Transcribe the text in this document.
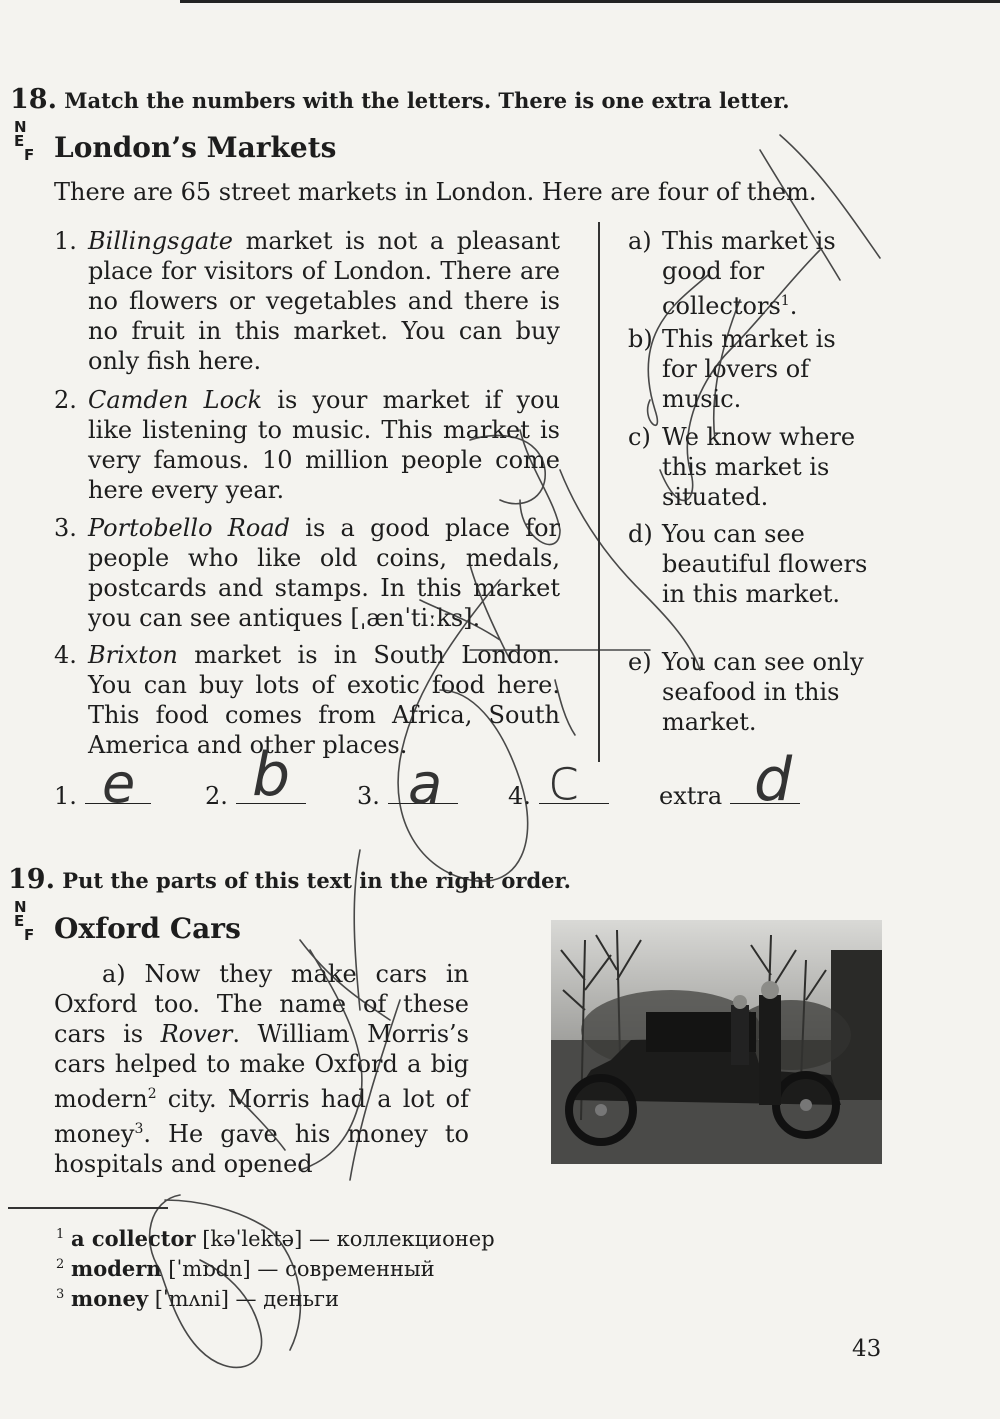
18. Match the numbers with the letters. There is one extra letter.
N
E
F London’s Markets
There are 65 street markets in London. Here are four of them.
1. Billingsgate market is not a pleasant place for visitors of London. There are no flowers or vegetables and there is no fruit in this market. You can buy only fish here.
2. Camden Lock is your market if you like listening to music. This market is very famous. 10 million people come here every year.
3. Portobello Road is a good place for people who like old coins, medals, postcards and stamps. In this market you can see antiques [ˌænˈtiːks].
4. Brixton market is in South London. You can buy lots of exotic food here. This food comes from Africa, South America and other places.
a) This market is good for collectors$^1$.
b) This market is for lovers of music.
c) We know where this market is situated.
d) You can see beautiful flowers in this market.
e) You can see only seafood in this market.
1.	2.	3.	4.	extra
e b a c	d
19. Put the parts of this text in the right order.
N
E
F Oxford Cars
a) Now they make cars in Oxford too. The name of these cars is Rover. William Morris’s cars helped to make Oxford a big modern$^2$ city. Morris had a lot of money$^3$. He gave his money to hospitals and opened
$^1$ a collector [kəˈlektə] — коллекционер
$^2$ modern [ˈmɒdn] — современный
$^3$ money [ˈmʌni] — деньги
43
